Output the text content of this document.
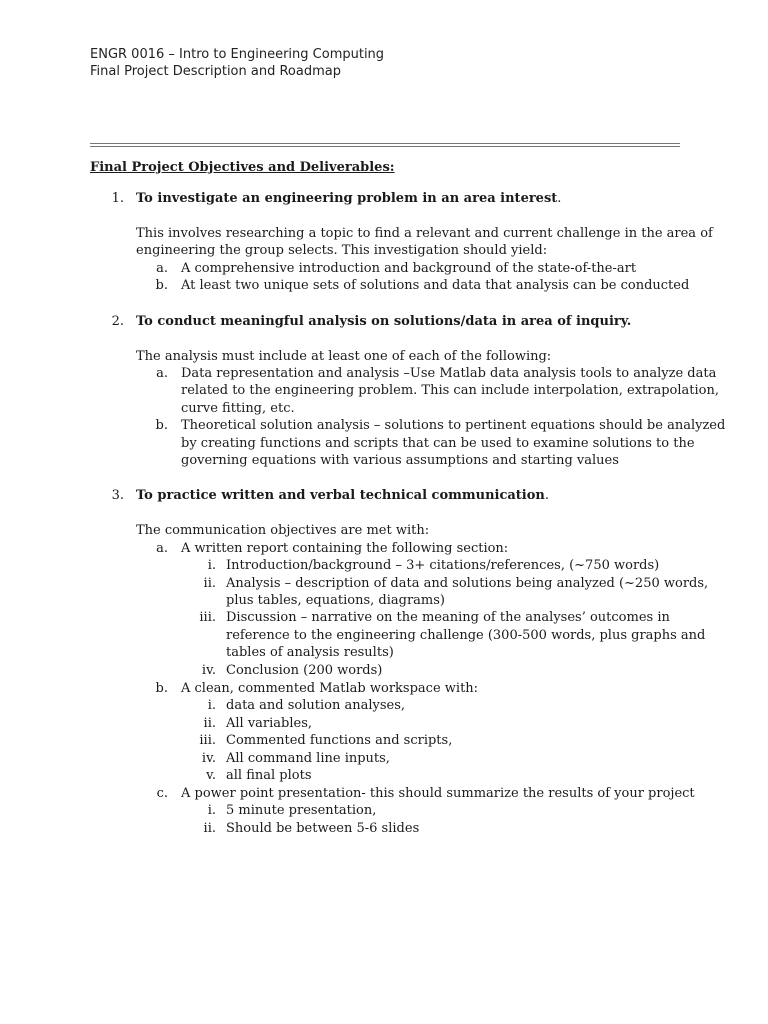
ENGR 0016 – Intro to Engineering Computing
Final Project Description and Roadmap
Final Project Objectives and Deliverables:
1. To investigate an engineering problem in an area interest.
This involves researching a topic to find a relevant and current challenge in the area of
engineering the group selects. This investigation should yield:
a. A comprehensive introduction and background of the state-of-the-art
b. At least two unique sets of solutions and data that analysis can be conducted
2. To conduct meaningful analysis on solutions/data in area of inquiry.
The analysis must include at least one of each of the following:
a. Data representation and analysis –Use Matlab data analysis tools to analyze data
related to the engineering problem. This can include interpolation, extrapolation,
curve fitting, etc.
b. Theoretical solution analysis – solutions to pertinent equations should be analyzed
by creating functions and scripts that can be used to examine solutions to the
governing equations with various assumptions and starting values
3. To practice written and verbal technical communication.
The communication objectives are met with:
a. A written report containing the following section:
i. Introduction/background – 3+ citations/references, (~750 words)
ii. Analysis – description of data and solutions being analyzed (~250 words,
plus tables, equations, diagrams)
iii. Discussion – narrative on the meaning of the analyses’ outcomes in
reference to the engineering challenge (300-500 words, plus graphs and
tables of analysis results)
iv. Conclusion (200 words)
b. A clean, commented Matlab workspace with:
i. data and solution analyses,
ii. All variables,
iii. Commented functions and scripts,
iv. All command line inputs,
v. all final plots
c. A power point presentation- this should summarize the results of your project
i. 5 minute presentation,
ii. Should be between 5-6 slides
